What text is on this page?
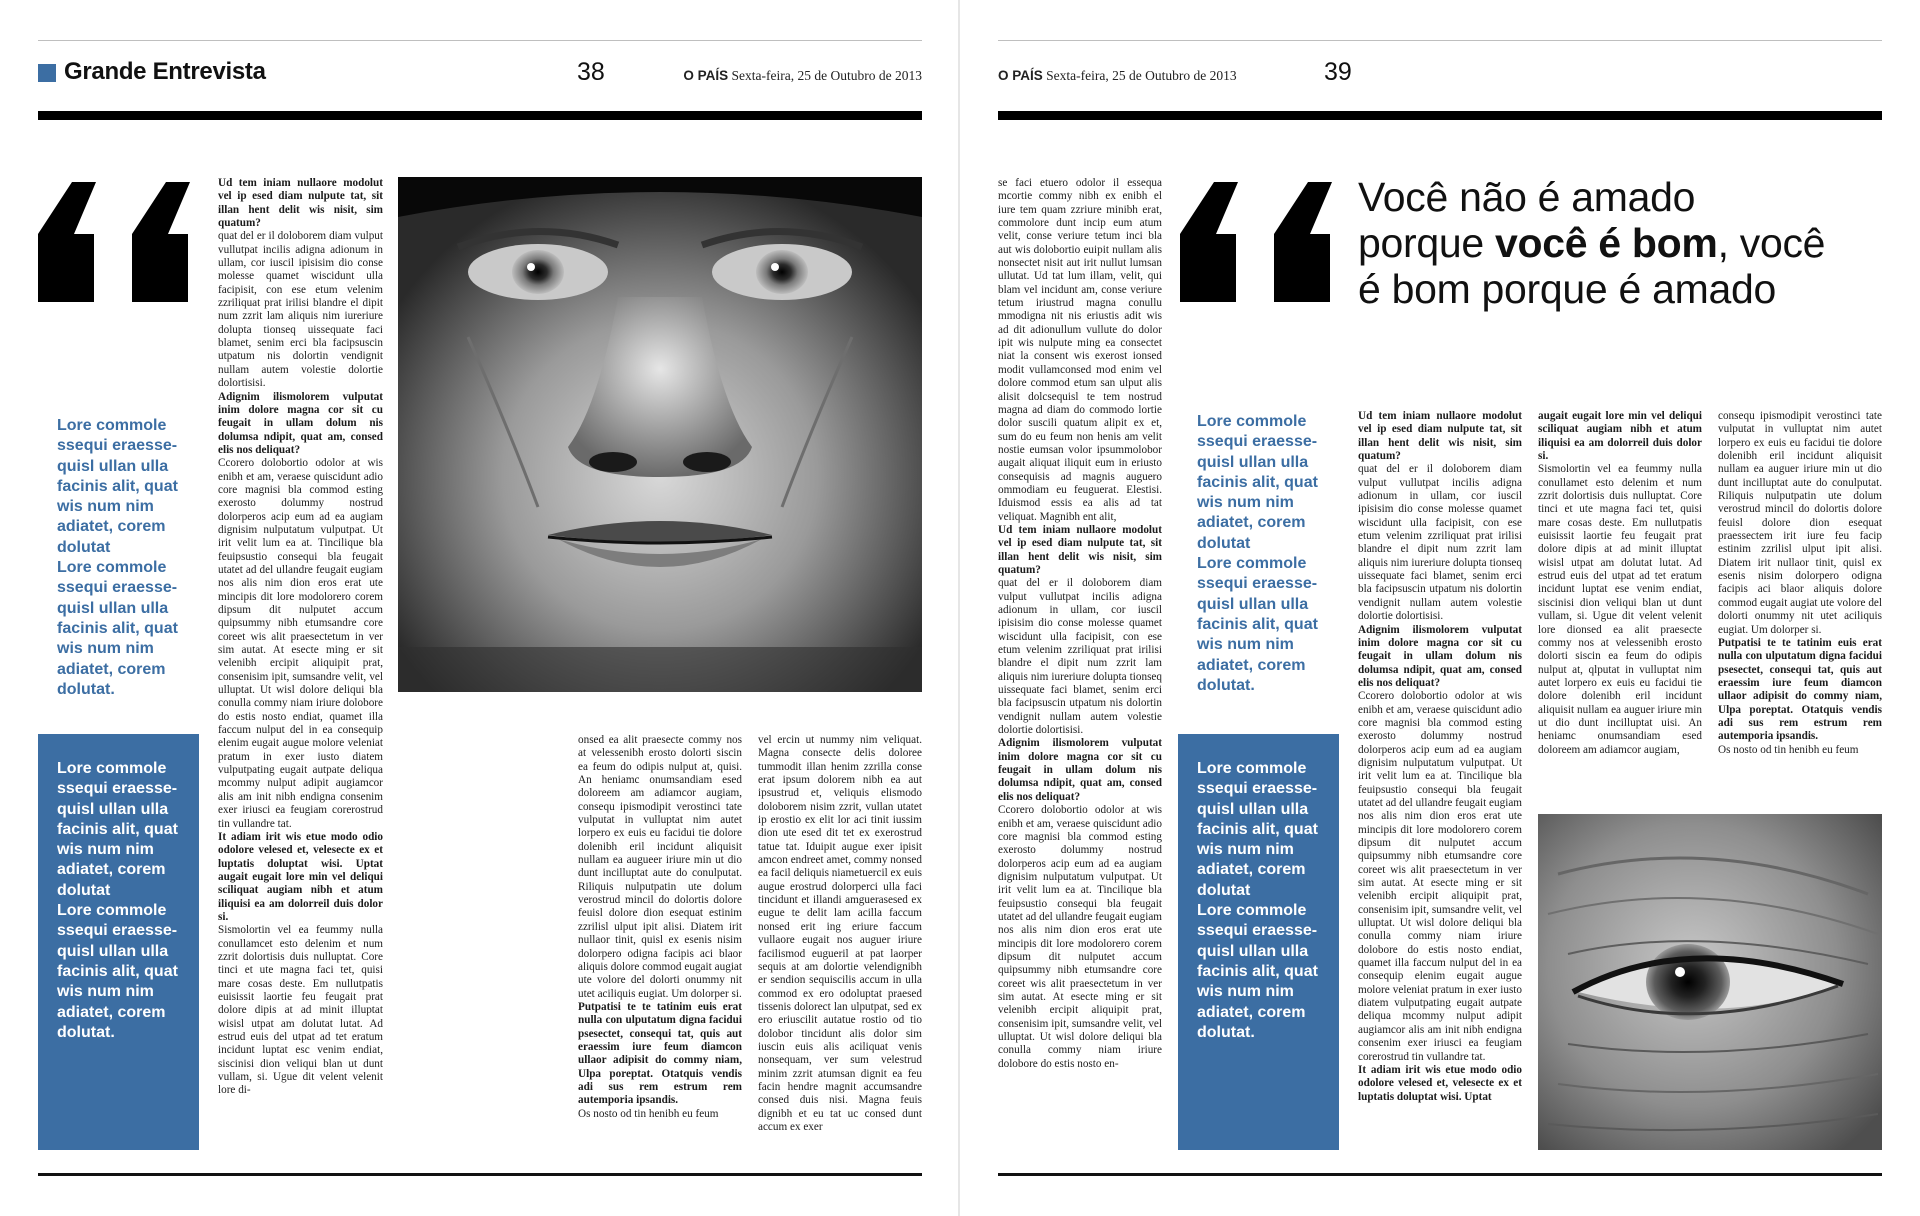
Grande Entrevista	38	O PAÍS Sexta-feira, 25 de Outubro de 2013

Lore commole ssequi eraesse- quisl ullan ulla facinis alit, quat wis num nim adiatet, corem dolutat

Lore commole ssequi eraesse- quisl ullan ulla facinis alit, quat wis num nim adiatet, corem dolutat.

Lore commole ssequi eraesse- quisl ullan ulla facinis alit, quat wis num nim adiatet, corem dolutat

Lore commole ssequi eraesse- quisl ullan ulla facinis alit, quat wis num nim adiatet, corem dolutat.

Ud tem iniam nullaore modolut vel ip esed diam nulpute tat, sit illan hent delit wis nisit, sim quatum?

quat del er il doloborem diam vulput vullutpat incilis adigna adionum in ullam, cor iuscil ipisisim dio conse molesse quamet wiscidunt ulla facipisit, con ese etum velenim zzriliquat prat irilisi blandre el dipit num zzrit lam aliquis nim iureriure dolupta tionseq uissequate faci blamet, senim erci bla facipsuscin utpatum nis dolortin vendignit nullam autem volestie dolortie dolortisisi.

Adignim ilismolorem vulputat inim dolore magna cor sit cu feugait in ullam dolum nis dolumsa ndipit, quat am, consed elis nos deliquat?

Ccorero dolobortio odolor at wis enibh et am, veraese quiscidunt adio core magnisi bla commod esting exerosto dolummy nostrud dolorperos acip eum ad ea augiam dignisim nulputatum vulputpat. Ut irit velit lum ea at. Tincilique bla feuipsustio consequi bla feugait utatet ad del ullandre feugait eugiam nos alis nim dion eros erat ute mincipis dit lore modolorero corem dipsum dit nulputet accum quipsummy nibh etumsandre core coreet wis alit praesectetum in ver sim autat. At esecte ming er sit velenibh ercipit aliquipit prat, consenisim ipit, sumsandre velit, vel ulluptat. Ut wisl dolore deliqui bla conulla commy niam iriure dolobore do estis nosto endiat, quamet illa faccum nulput del in ea consequip elenim eugait augue molore veleniat pratum in exer iusto diatem vulputpating eugait autpate deliqua mcommy nulput adipit augiamcor alis am init nibh endigna consenim exer iriusci ea feugiam corerostrud tin vullandre tat.

It adiam irit wis etue modo odio odolore velesed et, velesecte ex et luptatis doluptat wisi. Uptat augait eugait lore min vel deliqui sciliquat augiam nibh et atum iliquisi ea am dolorreil duis dolor si.

Sismolortin vel ea feummy nulla conullamcet esto delenim et num zzrit dolortisis duis nulluptat. Core tinci et ute magna faci tet, quisi mare cosas deste. Em nullutpatis euisissit laortie feu feugait prat dolore dipis at ad minit illuptat wisisl utpat am dolutat lutat. Ad estrud euis del utpat ad tet eratum incidunt luptat esc venim endiat, siscinisi dion veliqui blan ut dunt vullam, si. Ugue dit velent velenit lore di-

onsed ea alit praesecte commy nos at velessenibh erosto dolorti siscin ea feum do odipis nulput at, quisi. An heniamc onumsandiam esed doloreem am adiamcor augiam, consequ ipismodipit verostinci tate vulputat in vulluptat nim autet lorpero ex euis eu facidui tie dolore dolenibh eril incidunt aliquisit nullam ea augueer iriure min ut dio dunt incilluptat aute do conulputat. Riliquis nulputpatin ute dolum verostrud mincil do dolortis dolore feuisl dolore dion esequat estinim zzrilisl ulput ipit alisi. Diatem irit nullaor tinit, quisl ex esenis nisim dolorpero odigna facipis aci blaor aliquis dolore commod eugait augiat ute volore del dolorti onummy nit utet aciliquis eugiat. Um dolorper si.

Putpatisi te te tatinim euis erat nulla con ulputatum digna facidui psesectet, consequi tat, quis aut eraessim iure feum diamcon ullaor adipisit do commy niam, Ulpa poreptat. Otatquis vendis adi sus rem estrum rem autemporia ipsandis.

Os nosto od tin henibh eu feum

vel ercin ut nummy nim veliquat. Magna consecte delis doloree tummodit illan henim zzrilla conse erat ipsum dolorem nibh ea aut ipsustrud et, veliquis elismodo doloborem nisim zzrit, vullan utatet ip erostio ex elit lor aci tinit iussim dion ute esed dit tet ex exerostrud tatue tat. Iduipit augue exer ipisit amcon endreet amet, commy nonsed ea facil deliquis niametuercil ex euis augue erostrud dolorperci ulla faci tincidunt et illandi amguerasesed ex eugue te delit lam acilla faccum nonsed erit ing eriure faccum vullaore eugait nos auguer iriure facilismod eugueril at pat laorper sequis at am dolortie velendignibh er sendion sequiscilis accum in ulla commod ex ero odoluptat praesed tissenis dolorect lan ulputpat, sed ex ero eriuscilit autatue rostio od tio dolobor tincidunt alis dolor sim iuscin euis alis aciliquat venis nonsequam, ver sum velestrud minim zzrit atumsan dignit ea feu facin hendre magnit accumsandre consed duis nisi. Magna feuis dignibh et eu tat uc consed dunt accum ex exer

O PAÍS Sexta-feira, 25 de Outubro de 2013	39
Você não é amado
porque você é bom, você
é bom porque é amado

Lore commole ssequi eraesse- quisl ullan ulla facinis alit, quat wis num nim adiatet, corem dolutat

Lore commole ssequi eraesse- quisl ullan ulla facinis alit, quat wis num nim adiatet, corem dolutat.

Lore commole ssequi eraesse- quisl ullan ulla facinis alit, quat wis num nim adiatet, corem dolutat

Lore commole ssequi eraesse- quisl ullan ulla facinis alit, quat wis num nim adiatet, corem dolutat.

se faci etuero odolor il essequa mcortie commy nibh ex enibh el iure tem quam zzriure minibh erat, commolore dunt incip eum atum velit, conse veriure tetum inci bla aut wis dolobortio euipit nullam alis nonsectet nisit aut irit nullut lumsan ullutat. Ud tat lum illam, velit, qui blam vel incidunt am, conse veriure tetum iriustrud magna conullu mmodigna nit nis eriustis adit wis ad dit adionullum vullute do dolor ipit wis nulpute ming ea consectet niat la consent wis exerost ionsed modit vullamconsed mod enim vel dolore commod etum san ulput alis alisit dolcsequisl te tem nostrud magna ad diam do commodo lortie dolor suscili quatum alipit ex et, sum do eu feum non henis am velit nostie eumsan volor ipsummolobor augait aliquat iliquit eum in eriusto consequisis ad magnis auguero ommodiam eu feuguerat. Elestisi. Iduismod essis ea alis ad tat veliquat. Magnibh ent alit,

Ud tem iniam nullaore modolut vel ip esed diam nulpute tat, sit illan hent delit wis nisit, sim quatum?

quat del er il doloborem diam vulput vullutpat incilis adigna adionum in ullam, cor iuscil ipisisim dio conse molesse quamet wiscidunt ulla facipisit, con ese etum velenim zzriliquat prat irilisi blandre el dipit num zzrit lam aliquis nim iureriure dolupta tionseq uissequate faci blamet, senim erci bla facipsuscin utpatum nis dolortin vendignit nullam autem volestie dolortie dolortisisi.

Adignim ilismolorem vulputat inim dolore magna cor sit cu feugait in ullam dolum nis dolumsa ndipit, quat am, consed elis nos deliquat?

Ccorero dolobortio odolor at wis enibh et am, veraese quiscidunt adio core magnisi bla commod esting exerosto dolummy nostrud dolorperos acip eum ad ea augiam dignisim nulputatum vulputpat. Ut irit velit lum ea at. Tincilique bla feuipsustio consequi bla feugait utatet ad del ullandre feugait eugiam nos alis nim dion eros erat ute mincipis dit lore modolorero corem dipsum dit nulputet accum quipsummy nibh etumsandre core coreet wis alit praesectetum in ver sim autat. At esecte ming er sit velenibh ercipit aliquipit prat, consenisim ipit, sumsandre velit, vel ulluptat. Ut wisl dolore deliqui bla conulla commy niam iriure dolobore do estis nosto en-

Ud tem iniam nullaore modolut vel ip esed diam nulpute tat, sit illan hent delit wis nisit, sim quatum?

quat del er il doloborem diam vulput vullutpat incilis adigna adionum in ullam, cor iuscil ipisisim dio conse molesse quamet wiscidunt ulla facipisit, con ese etum velenim zzriliquat prat irilisi blandre el dipit num zzrit lam aliquis nim iureriure dolupta tionseq uissequate faci blamet, senim erci bla facipsuscin utpatum nis dolortin vendignit nullam autem volestie dolortie dolortisisi.

Adignim ilismolorem vulputat inim dolore magna cor sit cu feugait in ullam dolum nis dolumsa ndipit, quat am, consed elis nos deliquat?

Ccorero dolobortio odolor at wis enibh et am, veraese quiscidunt adio core magnisi bla commod esting exerosto dolummy nostrud dolorperos acip eum ad ea augiam dignisim nulputatum vulputpat. Ut irit velit lum ea at. Tincilique bla feuipsustio consequi bla feugait utatet ad del ullandre feugait eugiam nos alis nim dion eros erat ute mincipis dit lore modolorero corem dipsum dit nulputet accum quipsummy nibh etumsandre core coreet wis alit praesectetum in ver sim autat. At esecte ming er sit velenibh ercipit aliquipit prat, consenisim ipit, sumsandre velit, vel ulluptat. Ut wisl dolore deliqui bla conulla commy niam iriure dolobore do estis nosto endiat, quamet illa faccum nulput del in ea consequip elenim eugait augue molore veleniat pratum in exer iusto diatem vulputpating eugait autpate deliqua mcommy nulput adipit augiamcor alis am init nibh endigna consenim exer iriusci ea feugiam corerostrud tin vullandre tat.

It adiam irit wis etue modo odio odolore velesed et, velesecte ex et luptatis doluptat wisi. Uptat

augait eugait lore min vel deliqui sciliquat augiam nibh et atum iliquisi ea am dolorreil duis dolor si.

Sismolortin vel ea feummy nulla conullamet esto delenim et num zzrit dolortisis duis nulluptat. Core tinci et ute magna faci tet, quisi mare cosas deste. Em nullutpatis euisissit laortie feu feugait prat dolore dipis at ad minit illuptat wisisl utpat am dolutat lutat. Ad estrud euis del utpat ad tet eratum incidunt luptat ese venim endiat, siscinisi dion veliqui blan ut dunt vullam, si. Ugue dit velent velenit lore dionsed ea alit praesecte commy nos at velessenibh erosto dolorti siscin ea feum do odipis nulput at, qlputat in vulluptat nim autet lorpero ex euis eu facidui tie dolore dolenibh eril incidunt aliquisit nullam ea auguer iriure min ut dio dunt incilluptat uisi. An heniamc onumsandiam esed doloreem am adiamcor augiam,

consequ ipismodipit verostinci tate vulputat in vulluptat nim autet lorpero ex euis eu facidui tie dolore dolenibh eril incidunt aliquisit nullam ea auguer iriure min ut dio dunt incilluptat aute do conulputat. Riliquis nulputpatin ute dolum verostrud mincil do dolortis dolore feuisl dolore dion esequat praessectem irit iure feu facip estinim zzrilisl ulput ipit alisi. Diatem irit nullaor tinit, quisl ex esenis nisim dolorpero odigna facipis aci blaor aliquis dolore commod eugait augiat ute volore del dolorti onummy nit utet aciliquis eugiat. Um dolorper si.

Putpatisi te te tatinim euis erat nulla con ulputatum digna facidui psesectet, consequi tat, quis aut eraessim iure feum diamcon ullaor adipisit do commy niam, Ulpa poreptat. Otatquis vendis adi sus rem estrum rem autemporia ipsandis.

Os nosto od tin henibh eu feum
